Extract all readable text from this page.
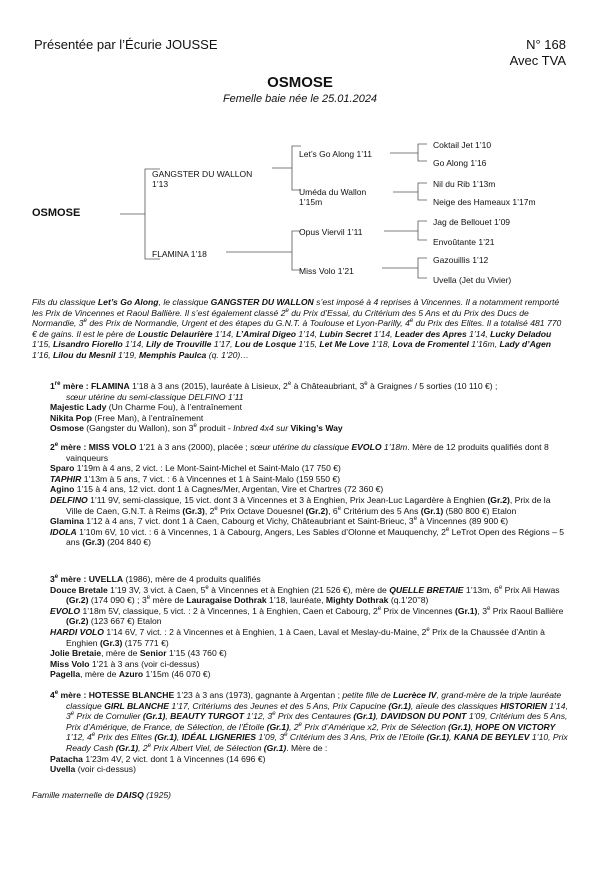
Présentée par l’Écurie JOUSSE	N° 168
Avec TVA
OSMOSE
Femelle baie née le 25.01.2024
OSMOSE
GANGSTER DU WALLON
1’13
FLAMINA 1’18
Let’s Go Along 1’11
Uméda du Wallon
1’15m
Opus Viervil 1’11
Miss Volo 1’21
Coktail Jet 1’10
Go Along 1’16
Nil du Rib 1’13m
Neige des Hameaux 1’17m
Jag de Bellouet 1’09
Envoûtante 1’21
Gazouillis 1’12
Uvella (Jet du Vivier)

Fils du classique Let’s Go Along, le classique GANGSTER DU WALLON s’est imposé à 4 reprises à Vincennes. Il a notamment remporté les Prix de Vincennes et Raoul Ballière. Il s’est également classé 2e du Prix d’Essai, du Critérium des 5 Ans et du Prix des Ducs de Normandie, 3e des Prix de Normandie, Urgent et des étapes du G.N.T. à Toulouse et Lyon-Parilly, 4e du Prix des Elites. Il a totalisé 481 770 € de gains. Il est le père de Loustic Delaurière 1’14, L’Amiral Digeo 1’14, Lubin Secret 1’14, Leader des Apres 1’14, Lucky Deladou 1’15, Lisandro Fiorello 1’14, Lily de Trouville 1’17, Lou de Losque 1’15, Let Me Love 1’18, Lova de Fromentel 1’16m, Lady d’Agen 1’16, Lilou du Mesnil 1’19, Memphis Paulca (q. 1’20)…

1re mère : FLAMINA 1’18 à 3 ans (2015), lauréate à Lisieux, 2e à Châteaubriant, 3e à Graignes / 5 sorties (10 110 €) ;

sœur utérine du semi-classique DELFINO 1’11

Majestic Lady (Un Charme Fou), à l’entraînement

Nikita Pop (Free Man), à l’entraînement

Osmose (Gangster du Wallon), son 3e produit - Inbred 4x4 sur Viking’s Way

2e mère : MISS VOLO 1’21 à 3 ans (2000), placée ; sœur utérine du classique EVOLO 1’18m. Mère de 12 produits qualifiés dont 8 vainqueurs

Sparo 1’19m à 4 ans, 2 vict. : Le Mont-Saint-Michel et Saint-Malo (17 750 €)

TAPHIR 1’13m à 5 ans, 7 vict. : 6 à Vincennes et 1 à Saint-Malo (159 550 €)

Agino 1’15 à 4 ans, 12 vict. dont 1 à Cagnes/Mer, Argentan, Vire et Chartres (72 360 €)

DELFINO 1’11 9V, semi-classique, 15 vict. dont 3 à Vincennes et 3 à Enghien, Prix Jean-Luc Lagardère à Enghien (Gr.2), Prix de la Ville de Caen, G.N.T. à Reims (Gr.3), 2e Prix Octave Douesnel (Gr.2), 6e Critérium des 5 Ans (Gr.1) (580 800 €) Etalon

Glamina 1’12 à 4 ans, 7 vict. dont 1 à Caen, Cabourg et Vichy, Châteaubriant et Saint-Brieuc, 3e à Vincennes (89 900 €)

IDOLA 1’10m 6V, 10 vict. : 6 à Vincennes, 1 à Cabourg, Angers, Les Sables d’Olonne et Mauquenchy, 2e LeTrot Open des Régions – 5 ans (Gr.3) (204 840 €)

3e mère : UVELLA (1986), mère de 4 produits qualifiés

Douce Bretale 1’19 3V, 3 vict. à Caen, 5e à Vincennes et à Enghien (21 526 €), mère de QUELLE BRETAIE 1’13m, 6e Prix Ali Hawas (Gr.2) (174 090 €) ; 3e mère de Lauragaise Dothrak 1’18, lauréate, Mighty Dothrak (q.1’20’’8)

EVOLO 1’18m 5V, classique, 5 vict. : 2 à Vincennes, 1 à Enghien, Caen et Cabourg, 2e Prix de Vincennes (Gr.1), 3e Prix Raoul Ballière (Gr.2) (123 667 €) Etalon

HARDI VOLO 1’14 6V, 7 vict. : 2 à Vincennes et à Enghien, 1 à Caen, Laval et Meslay-du-Maine, 2e Prix de la Chaussée d’Antin à Enghien (Gr.3) (175 771 €)

Jolie Bretaie, mère de Senior 1’15 (43 760 €)

Miss Volo 1’21 à 3 ans (voir ci-dessus)

Pagella, mère de Azuro 1’15m (46 070 €)

4e mère : HOTESSE BLANCHE 1’23 à 3 ans (1973), gagnante à Argentan ; petite fille de Lucrèce IV, grand-mère de la triple lauréate classique GIRL BLANCHE 1’17, Critériums des Jeunes et des 5 Ans, Prix Capucine (Gr.1), aïeule des classiques HISTORIEN 1’14, 3e Prix de Cornulier (Gr.1), BEAUTY TURGOT 1’12, 3e Prix des Centaures (Gr.1), DAVIDSON DU PONT 1’09, Critérium des 5 Ans, Prix d’Amérique, de France, de Sélection, de l’Étoile (Gr.1), 2e Prix d’Amérique x2, Prix de Sélection (Gr.1), HOPE ON VICTORY 1’12, 4e Prix des Elites (Gr.1), IDÉAL LIGNERIES 1’09, 3e Critérium des 3 Ans, Prix de l’Etoile (Gr.1), KANA DE BEYLEV 1’10, Prix Ready Cash (Gr.1), 2e Prix Albert Viel, de Sélection (Gr.1). Mère de :

Patacha 1’23m 4V, 2 vict. dont 1 à Vincennes (14 696 €)

Uvella (voir ci-dessus)

Famille maternelle de DAISQ (1925)
